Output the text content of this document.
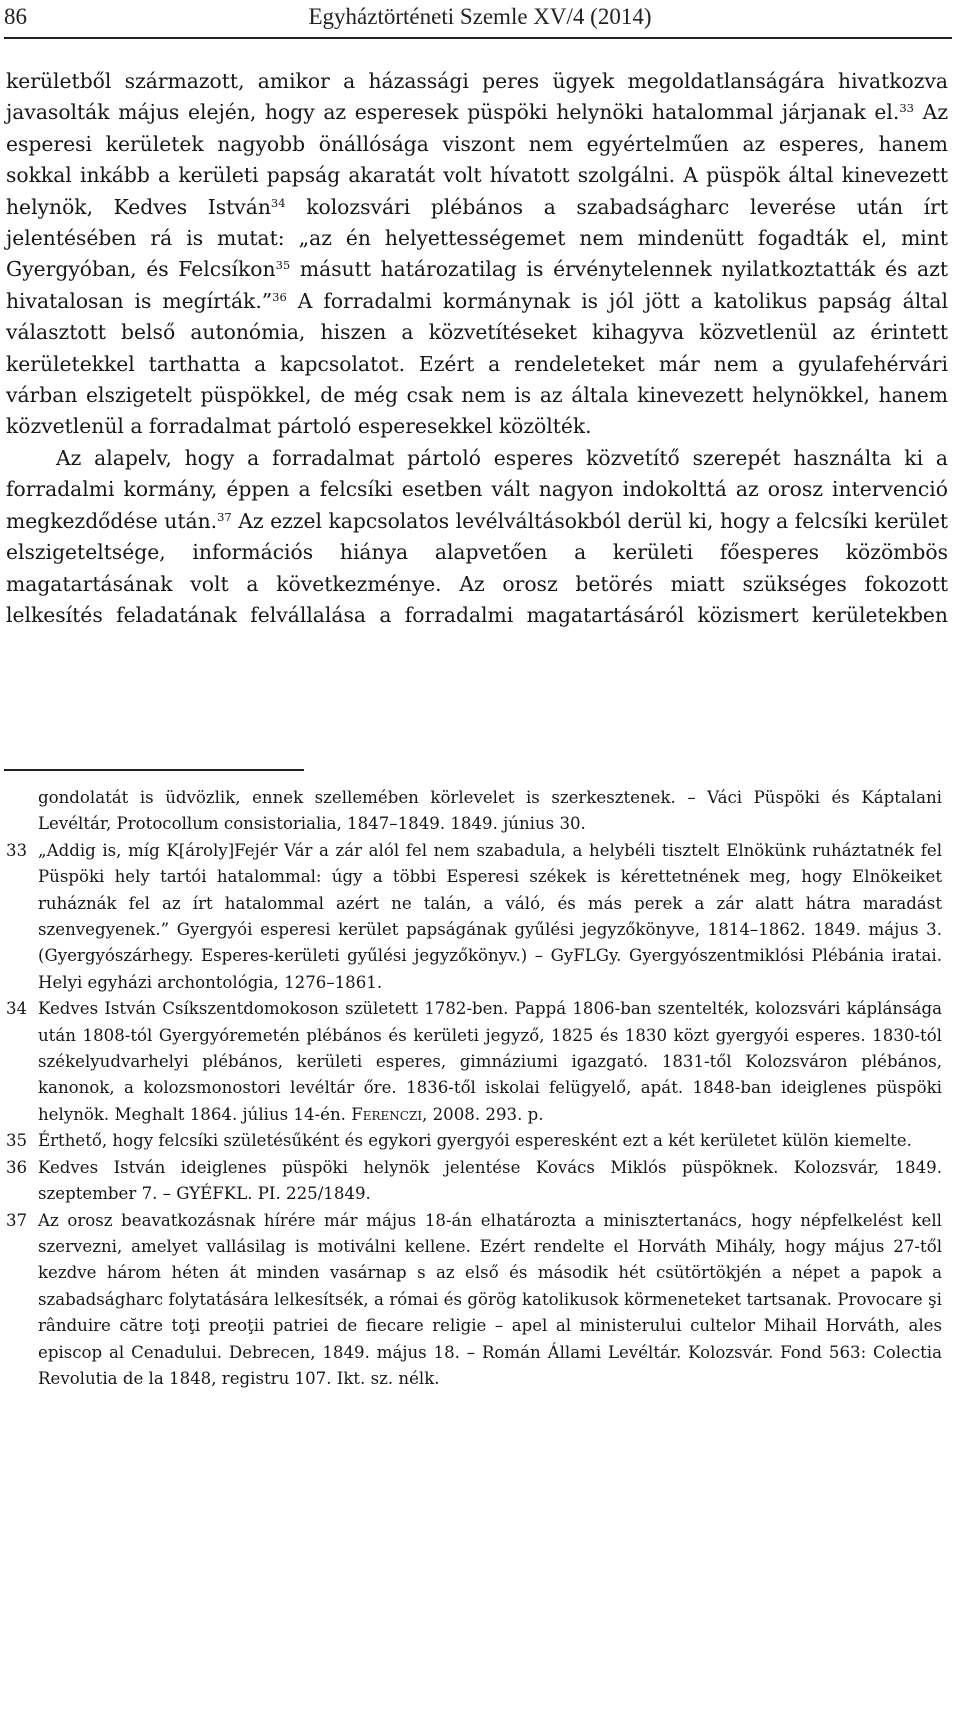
86	Egyháztörténeti Szemle XV/4 (2014)

kerületből származott, amikor a házassági peres ügyek megoldatlanságára hivatkozva javasolták május elején, hogy az esperesek püspöki helynöki hatalommal járjanak el.$^{33}$ Az esperesi kerületek nagyobb önállósága viszont nem egyértelműen az esperes, hanem sokkal inkább a kerületi papság akaratát volt hívatott szolgálni. A püspök által kinevezett helynök, Kedves István$^{34}$ kolozsvári plébános a szabadságharc leverése után írt jelentésében rá is mutat: „az én helyettességemet nem mindenütt fogadták el, mint Gyergyóban, és Felcsíkon$^{35}$ másutt határozatilag is érvénytelennek nyilatkoztatták és azt hivatalosan is megírták.”$^{36}$ A forradalmi kormánynak is jól jött a katolikus papság által választott belső autonómia, hiszen a közvetítéseket kihagyva közvetlenül az érintett kerületekkel tarthatta a kapcsolatot. Ezért a rendeleteket már nem a gyulafehérvári várban elszigetelt püspökkel, de még csak nem is az általa kinevezett helynökkel, hanem közvetlenül a forradalmat pártoló esperesekkel közölték.

Az alapelv, hogy a forradalmat pártoló esperes közvetítő szerepét használta ki a forradalmi kormány, éppen a felcsíki esetben vált nagyon indokolttá az orosz intervenció megkezdődése után.$^{37}$ Az ezzel kapcsolatos levélváltásokból derül ki, hogy a felcsíki kerület elszigeteltsége, információs hiánya alapvetően a kerületi főesperes közömbös magatartásának volt a következménye. Az orosz betörés miatt szükséges fokozott lelkesítés feladatának felvállalása a forradalmi magatartásáról közismert kerületekben

gondolatát is üdvözlik, ennek szellemében körlevelet is szerkesztenek. – Váci Püspöki és Káptalani Levéltár, Protocollum consistorialia, 1847–1849. 1849. június 30.
33 „Addig is, míg K[ároly]Fejér Vár a zár alól fel nem szabadula, a helybéli tisztelt Elnökünk ruháztatnék fel Püspöki hely tartói hatalommal: úgy a többi Esperesi székek is kérettetnének meg, hogy Elnökeiket ruháznák fel az írt hatalommal azért ne talán, a váló, és más perek a zár alatt hátra maradást szenvegyenek.” Gyergyói esperesi kerület papságának gyűlési jegyzőkönyve, 1814–1862. 1849. május 3. (Gyergyószárhegy. Esperes-kerületi gyűlési jegyzőkönyv.) – GyFLGy. Gyergyószentmiklósi Plébánia iratai. Helyi egyházi archontológia, 1276–1861.
34 Kedves István Csíkszentdomokoson született 1782-ben. Pappá 1806-ban szentelték, kolozsvári káplánsága után 1808-tól Gyergyóremetén plébános és kerületi jegyző, 1825 és 1830 közt gyergyói esperes. 1830-tól székelyudvarhelyi plébános, kerületi esperes, gimnáziumi igazgató. 1831-től Kolozsváron plébános, kanonok, a kolozsmonostori levéltár őre. 1836-től iskolai felügyelő, apát. 1848-ban ideiglenes püspöki helynök. Meghalt 1864. július 14-én. Ferenczi, 2008. 293. p.
35 Érthető, hogy felcsíki születésűként és egykori gyergyói esperesként ezt a két kerületet külön kiemelte.
36 Kedves István ideiglenes püspöki helynök jelentése Kovács Miklós püspöknek. Kolozsvár, 1849. szeptember 7. – GYÉFKL. PI. 225/1849.
37 Az orosz beavatkozásnak hírére már május 18-án elhatározta a minisztertanács, hogy népfelkelést kell szervezni, amelyet vallásilag is motiválni kellene. Ezért rendelte el Horváth Mihály, hogy május 27-től kezdve három héten át minden vasárnap s az első és második hét csütörtökjén a népet a papok a szabadságharc folytatására lelkesítsék, a római és görög katolikusok körmeneteket tartsanak. Provocare şi rânduire către toţi preoţii patriei de fiecare religie – apel al ministerului cultelor Mihail Horváth, ales episcop al Cenadului. Debrecen, 1849. május 18. – Román Állami Levéltár. Kolozsvár. Fond 563: Colectia Revolutia de la 1848, registru 107. Ikt. sz. nélk.
